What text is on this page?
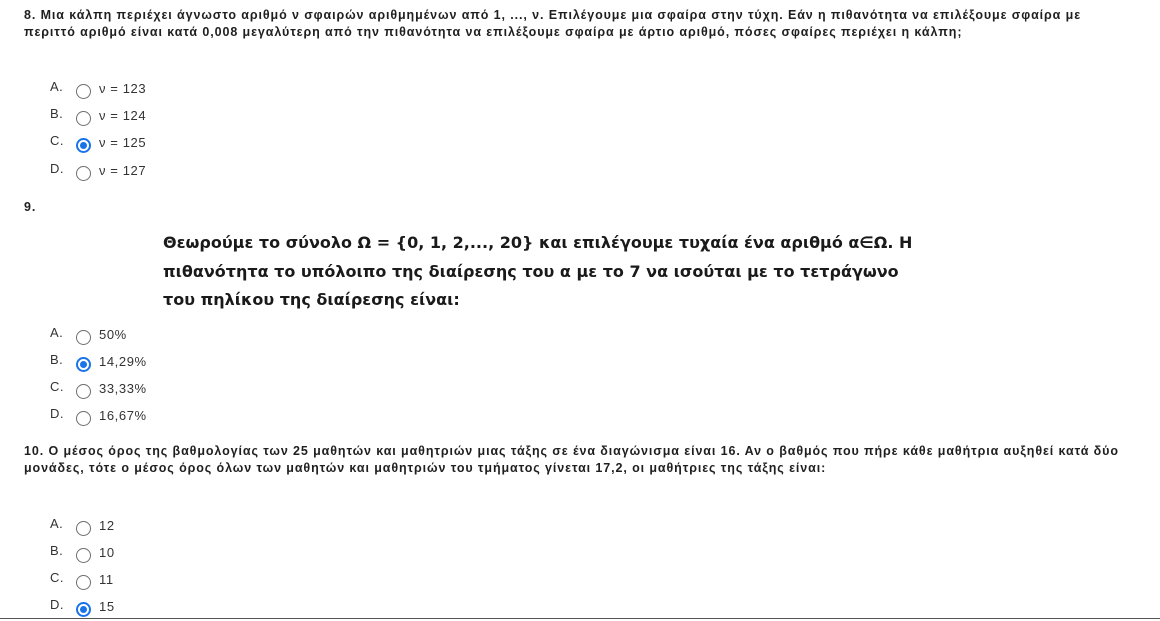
8. Μια κάλπη περιέχει άγνωστο αριθμό ν σφαιρών αριθμημένων από 1, ..., ν. Επιλέγουμε μια σφαίρα στην τύχη. Εάν η πιθανότητα να επιλέξουμε σφαίρα με περιττό αριθμό είναι κατά 0,008 μεγαλύτερη από την πιθανότητα να επιλέξουμε σφαίρα με άρτιο αριθμό, πόσες σφαίρες περιέχει η κάλπη;

A.	ν = 123
B.	ν = 124
C.	ν = 125
D.	ν = 127

9.

Θεωρούμε το σύνολο Ω = {0, 1, 2,..., 20} και επιλέγουμε τυχαία ένα αριθμό α∈Ω. Η πιθανότητα το υπόλοιπο της διαίρεσης του α με το 7 να ισούται με το τετράγωνο του πηλίκου της διαίρεσης είναι:
A.	50%
B.	14,29%
C.	33,33%
D.	16,67%

10. Ο μέσος όρος της βαθμολογίας των 25 μαθητών και μαθητριών μιας τάξης σε ένα διαγώνισμα είναι 16. Αν ο βαθμός που πήρε κάθε μαθήτρια αυξηθεί κατά δύο μονάδες, τότε ο μέσος όρος όλων των μαθητών και μαθητριών του τμήματος γίνεται 17,2, οι μαθήτριες της τάξης είναι:

A.	12
B.	10
C.	11
D.	15
